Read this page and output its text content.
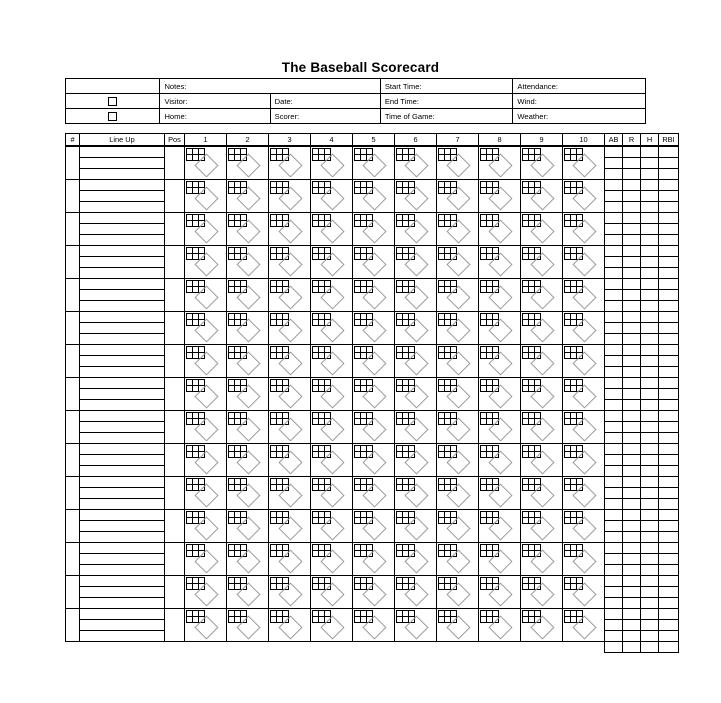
The Baseball Scorecard
	Notes:		Start Time:	Attendance:
	Visitor:	Date:	End Time:	Wind:
	Home:	Scorer:	Time of Game:	Weather:
#	Line Up	Pos	1	2	3	4	5	6	7	8	9	10	AB	R	H	RBI
